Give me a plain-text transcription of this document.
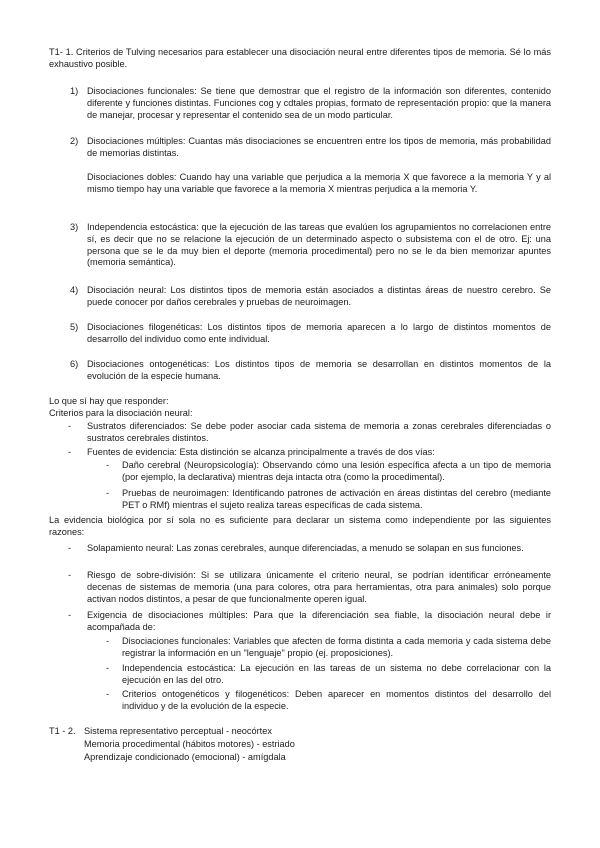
T1- 1. Criterios de Tulving necesarios para establecer una disociación neural entre diferentes tipos de memoria. Sé lo más exhaustivo posible.

1) Disociaciones funcionales: Se tiene que demostrar que el registro de la información son diferentes, contenido diferente y funciones distintas. Funciones cog y cdtales propias, formato de representación propio: que la manera de manejar, procesar y representar el contenido sea de un modo particular.

2) Disociaciones múltiples: Cuantas más disociaciones se encuentren entre los tipos de memoria, más probabilidad de memorias distintas.

Disociaciones dobles: Cuando hay una variable que perjudica a la memoria X que favorece a la memoria Y y al mismo tiempo hay una variable que favorece a la memoria X mientras perjudica a la memoria Y.

3) Independencia estocástica: que la ejecución de las tareas que evalúen los agrupamientos no correlacionen entre sí, es decir que no se relacione la ejecución de un determinado aspecto o subsistema con el de otro. Ej: una persona que se le da muy bien el deporte (memoria procedimental) pero no se le da bien memorizar apuntes (memoria semántica).

4) Disociación neural: Los distintos tipos de memoria están asociados a distintas áreas de nuestro cerebro. Se puede conocer por daños cerebrales y pruebas de neuroimagen.

5) Disociaciones filogenéticas: Los distintos tipos de memoria aparecen a lo largo de distintos momentos de desarrollo del individuo como ente individual.

6) Disociaciones ontogenéticas: Los distintos tipos de memoria se desarrollan en distintos momentos de la evolución de la especie humana.

Lo que sí hay que responder:

Criterios para la disociación neural:

- Sustratos diferenciados: Se debe poder asociar cada sistema de memoria a zonas cerebrales diferenciadas o sustratos cerebrales distintos.

- Fuentes de evidencia: Esta distinción se alcanza principalmente a través de dos vías:

- Daño cerebral (Neuropsicología): Observando cómo una lesión específica afecta a un tipo de memoria (por ejemplo, la declarativa) mientras deja intacta otra (como la procedimental).

- Pruebas de neuroimagen: Identificando patrones de activación en áreas distintas del cerebro (mediante PET o RMf) mientras el sujeto realiza tareas específicas de cada sistema.

La evidencia biológica por sí sola no es suficiente para declarar un sistema como independiente por las siguientes razones:

- Solapamiento neural: Las zonas cerebrales, aunque diferenciadas, a menudo se solapan en sus funciones.

- Riesgo de sobre-división: Si se utilizara únicamente el criterio neural, se podrían identificar erróneamente decenas de sistemas de memoria (una para colores, otra para herramientas, otra para animales) solo porque activan nodos distintos, a pesar de que funcionalmente operen igual.

- Exigencia de disociaciones múltiples: Para que la diferenciación sea fiable, la disociación neural debe ir acompañada de:

- Disociaciones funcionales: Variables que afecten de forma distinta a cada memoria y cada sistema debe registrar la información en un "lenguaje" propio (ej. proposiciones).

- Independencia estocástica: La ejecución en las tareas de un sistema no debe correlacionar con la ejecución en las del otro.

- Criterios ontogenéticos y filogenéticos: Deben aparecer en momentos distintos del desarrollo del individuo y de la evolución de la especie.

T1 - 2. Sistema representativo perceptual - neocórtex
Memoria procedimental (hábitos motores) - estriado
Aprendizaje condicionado (emocional) - amígdala
